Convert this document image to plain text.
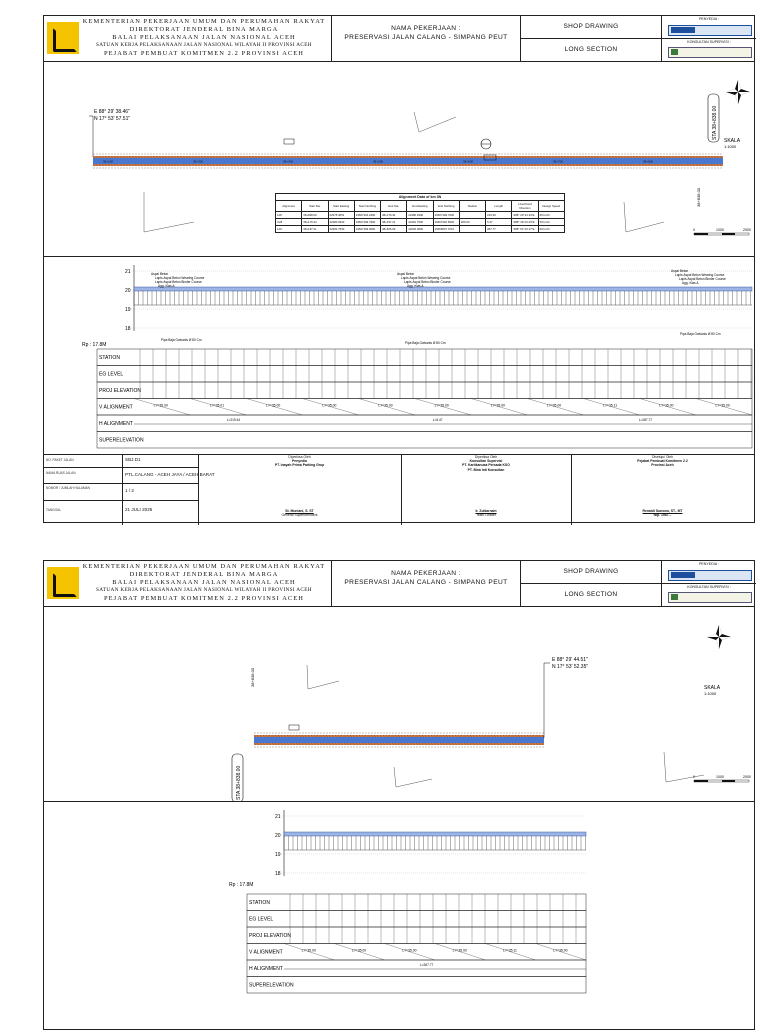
KEMENTERIAN PEKERJAAN UMUM DAN PERUMAHAN RAKYAT
DIREKTORAT JENDERAL BINA MARGA
BALAI PELAKSANAAN JALAN NASIONAL ACEH
SATUAN KERJA PELAKSANAAN JALAN NASIONAL WILAYAH II PROVINSI ACEH
PEJABAT PEMBUAT KOMITMEN 2.2 PROVINSI ACEH
NAMA PEKERJAAN :
PRESERVASI JALAN CALANG - SIMPANG PEUT
SHOP DRAWING
LONG SECTION
PENYEDIA :
KONSULTAN SUPERVISI :
E 88° 29' 38.46"
N 17° 53' 57.51"
38+100	38+300	38+400	38+500	38+600	38+700	38+800
STA 38+838.00
38+838.00
SKALA
1:1000
0	1000	2000
Alignment Data of km 3N
Alignment	Start Sta.	Start Easting	Start Northing	End Sta.	End Easting	End Northing	Radius	Length	Line/Chord Direction	Design Speed
L28	38+838.00	22375.3051	19667316.2400	38+179.44	22280.3940	19667199.7600		219.30	S88° 29' 34.34"E	60 km/h
C28	38+179.44	22280.3940	19667199.7600	38+197.21	22281.7530	19667240.6530	200.00	5.47	S88° 39' 03.23"E	60 km/h
L29	38+197.21	22281.7530	19667199.0060	38+825.09	22030.3830	19666007.0710		287.77	S88° 51' 00.17"E	60 km/h
21
20
19
18
Rp : 17.8M
Aspal Beton
Lapis Aspal Beton Wearing Course
Lapis Aspal Beton Binder Course
Agg. Klas A
Aspal Beton
Lapis Aspal Beton Wearing Course
Lapis Aspal Beton Binder Course
Agg. Klas A
Aspal Beton
Lapis Aspal Beton Wearing Course
Lapis Aspal Beton Binder Course
Agg. Klas A
Pipa Baja Galvanis Ø 80 Cm
Pipa Baja Galvanis Ø 80 Cm
Pipa Baja Galvanis Ø 80 Cm
STATION
EG LEVEL
PROJ ELEVATION
V ALIGNMENT
H ALIGNMENT
SUPERELEVATION
L?=35.00	L?=35.01	L?=35.00	L?=35.00	L?=35.00	L?=35.00	L?=35.00	L?=35.00	L?=35.11	L?=35.00	L?=35.00
L=219.44	L=5.47	L=287.77
NO. PAKET JALAN	SBJ.D1
NAMA RUAS JALAN	PTL.CALANG - ACEH JAYA / ACEH BARAT
NOMOR / JUMLAH HALAMAN	1 / 2
TANGGAL	21 JULI 2025
Diperiksa Oleh
Penyedia
PT. Inayah Prima Parking Grup
St. Muniani, S. ST
General Superintendent
Diperiksa Oleh
Konsultan Supervisi
PT. Kartikanusa Persada KSO
PT. Bina Inti Konsultan
Ir. Zulkarnain
Team Leader
Disetujui Oleh
Pejabat Pembuat Komitmen 2.2
Provinsi Aceh
Renaldi Suwono, ST., MT
Nip. 1987...
KEMENTERIAN PEKERJAAN UMUM DAN PERUMAHAN RAKYAT
DIREKTORAT JENDERAL BINA MARGA
BALAI PELAKSANAAN JALAN NASIONAL ACEH
SATUAN KERJA PELAKSANAAN JALAN NASIONAL WILAYAH II PROVINSI ACEH
PEJABAT PEMBUAT KOMITMEN 2.2 PROVINSI ACEH
NAMA PEKERJAAN :
PRESERVASI JALAN CALANG - SIMPANG PEUT
SHOP DRAWING
LONG SECTION
PENYEDIA :
KONSULTAN SUPERVISI :
E 88° 29' 44.51"
N 17° 53' 52.35"
38+838.00
STA 38+838.00
SKALA
1:1000
0	1000	2000
21
20
19
18
Rp : 17.8M
STATION
EG LEVEL
PROJ ELEVATION
V ALIGNMENT
H ALIGNMENT
SUPERELEVATION
L?=35.00	L?=35.00	L?=35.00	L?=35.00	L?=35.11	L?=35.00
L=287.77
